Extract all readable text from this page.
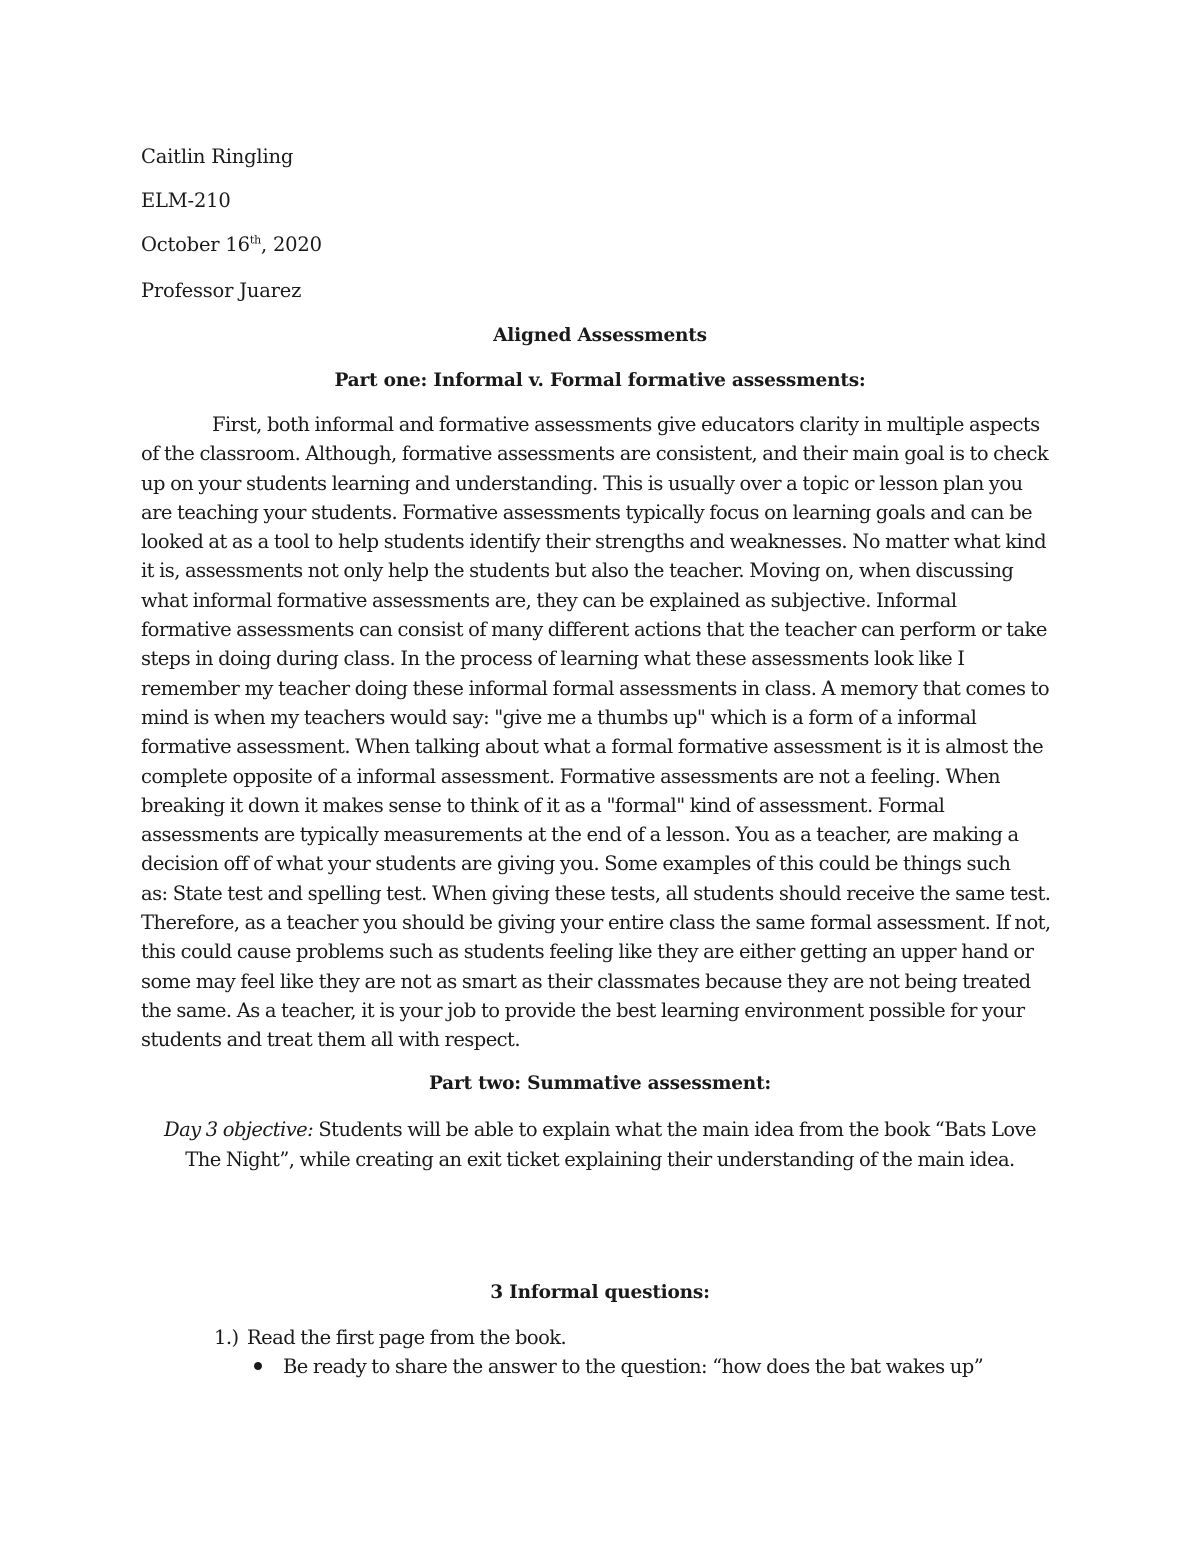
Caitlin Ringling
ELM-210
October 16th, 2020
Professor Juarez
Aligned Assessments
Part one: Informal v. Formal formative assessments:
First, both informal and formative assessments give educators clarity in multiple aspects
of the classroom. Although, formative assessments are consistent, and their main goal is to check
up on your students learning and understanding. This is usually over a topic or lesson plan you
are teaching your students. Formative assessments typically focus on learning goals and can be
looked at as a tool to help students identify their strengths and weaknesses. No matter what kind
it is, assessments not only help the students but also the teacher. Moving on, when discussing
what informal formative assessments are, they can be explained as subjective. Informal
formative assessments can consist of many different actions that the teacher can perform or take
steps in doing during class. In the process of learning what these assessments look like I
remember my teacher doing these informal formal assessments in class. A memory that comes to
mind is when my teachers would say: "give me a thumbs up" which is a form of a informal
formative assessment. When talking about what a formal formative assessment is it is almost the
complete opposite of a informal assessment. Formative assessments are not a feeling. When
breaking it down it makes sense to think of it as a "formal" kind of assessment. Formal
assessments are typically measurements at the end of a lesson. You as a teacher, are making a
decision off of what your students are giving you. Some examples of this could be things such
as: State test and spelling test. When giving these tests, all students should receive the same test.
Therefore, as a teacher you should be giving your entire class the same formal assessment. If not,
this could cause problems such as students feeling like they are either getting an upper hand or
some may feel like they are not as smart as their classmates because they are not being treated
the same. As a teacher, it is your job to provide the best learning environment possible for your
students and treat them all with respect.
Part two: Summative assessment:
Day 3 objective: Students will be able to explain what the main idea from the book “Bats Love
The Night”, while creating an exit ticket explaining their understanding of the main idea.
3 Informal questions:
1.) Read the first page from the book.
Be ready to share the answer to the question: “how does the bat wakes up”
